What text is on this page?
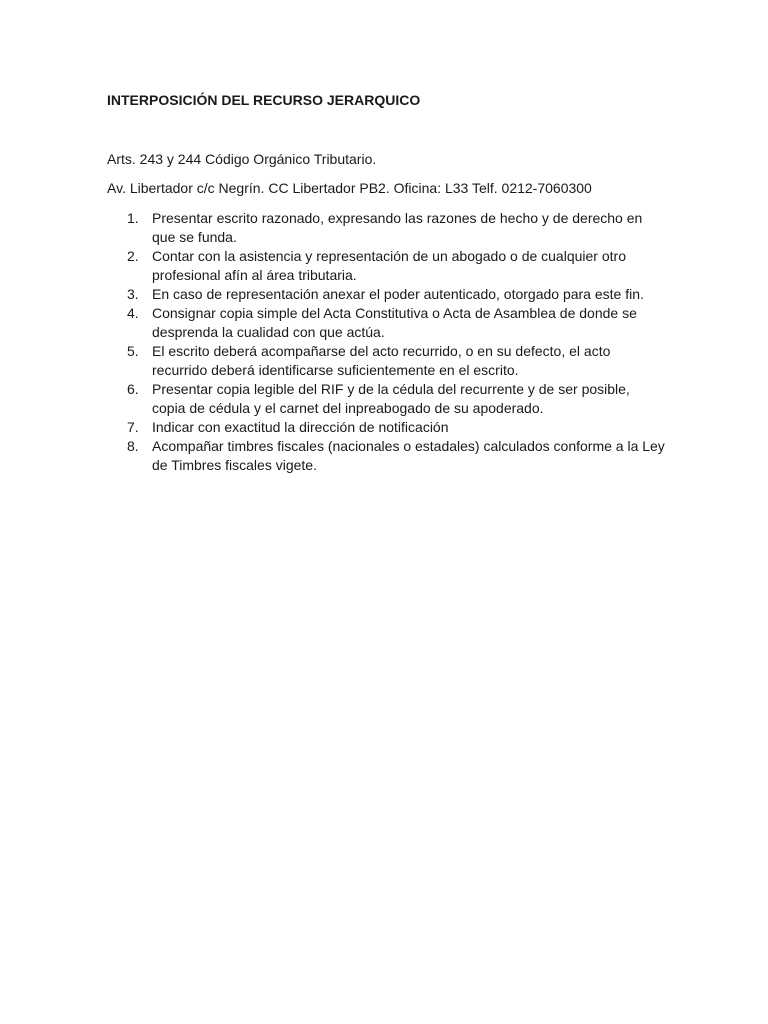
INTERPOSICIÓN DEL RECURSO JERARQUICO

Arts. 243 y 244 Código Orgánico Tributario.

Av. Libertador c/c Negrín. CC Libertador PB2. Oficina: L33 Telf. 0212-7060300

1. Presentar escrito razonado, expresando las razones de hecho y de derecho en que se funda.
2. Contar con la asistencia y representación de un abogado o de cualquier otro profesional afín al área tributaria.
3. En caso de representación anexar el poder autenticado, otorgado para este fin.
4. Consignar copia simple del Acta Constitutiva o Acta de Asamblea de donde se desprenda la cualidad con que actúa.
5. El escrito deberá acompañarse del acto recurrido, o en su defecto, el acto recurrido deberá identificarse suficientemente en el escrito.
6. Presentar copia legible del RIF y de la cédula del recurrente y de ser posible, copia de cédula y el carnet del inpreabogado de su apoderado.
7. Indicar con exactitud la dirección de notificación
8. Acompañar timbres fiscales (nacionales o estadales) calculados conforme a la Ley de Timbres fiscales vigete.
